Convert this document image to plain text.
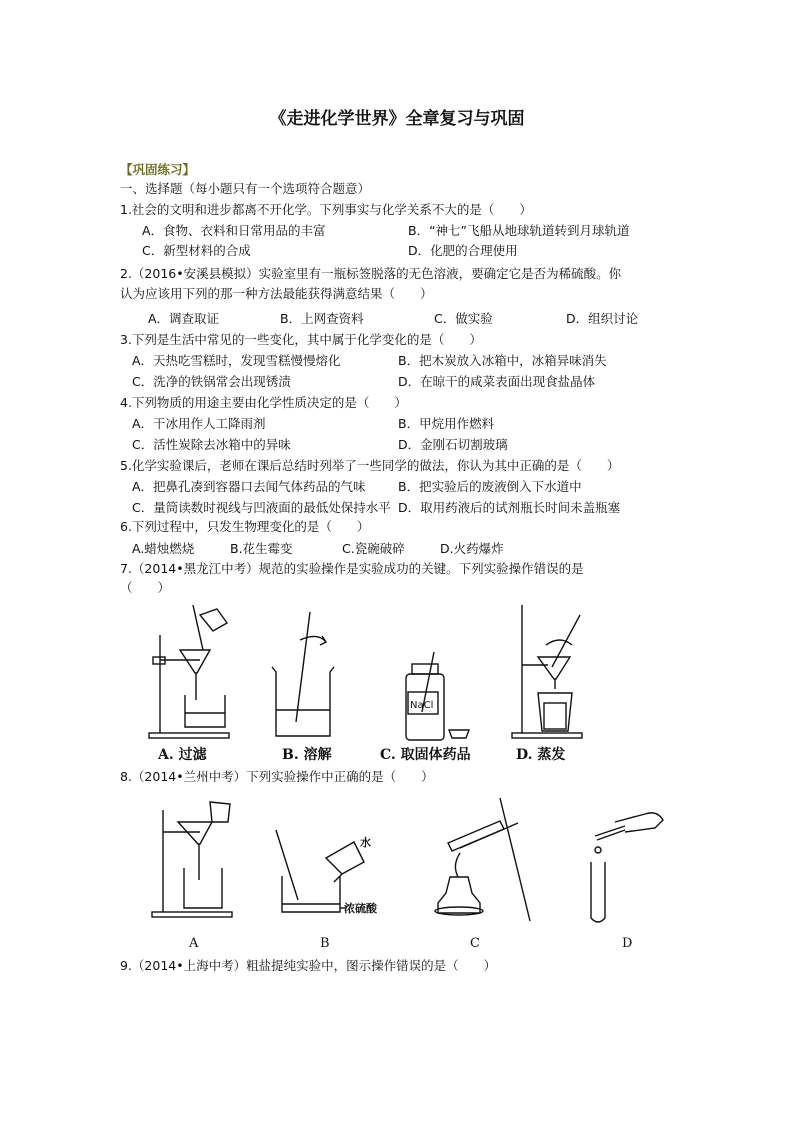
《走进化学世界》全章复习与巩固
【巩固练习】
一、选择题（每小题只有一个选项符合题意）
1.社会的文明和进步都离不开化学。下列事实与化学关系不大的是（　　）
A．食物、衣料和日常用品的丰富	B．“神七”飞船从地球轨道转到月球轨道
C．新型材料的合成	D．化肥的合理使用
2.（2016•安溪县模拟）实验室里有一瓶标签脱落的无色溶液，要确定它是否为稀硫酸。你
认为应该用下列的那一种方法最能获得满意结果（　　）
A．调查取证	B．上网查资料	C．做实验	D．组织讨论
3.下列是生活中常见的一些变化，其中属于化学变化的是（　　）
A．天热吃雪糕时，发现雪糕慢慢熔化	B．把木炭放入冰箱中，冰箱异味消失
C．洗净的铁锅常会出现锈渍	D．在晾干的咸菜表面出现食盐晶体
4.下列物质的用途主要由化学性质决定的是（　　）
A．干冰用作人工降雨剂	B．甲烷用作燃料
C．活性炭除去冰箱中的异味	D．金刚石切割玻璃
5.化学实验课后，老师在课后总结时列举了一些同学的做法，你认为其中正确的是（　　）
A．把鼻孔凑到容器口去闻气体药品的气味	B．把实验后的废液倒入下水道中
C．量筒读数时视线与凹液面的最低处保持水平 D．取用药液后的试剂瓶长时间未盖瓶塞
6.下列过程中，只发生物理变化的是（　　）
A.蜡烛燃烧	B.花生霉变	C.瓷碗破碎	D.火药爆炸
7.（2014•黑龙江中考）规范的实验操作是实验成功的关键。下列实验操作错误的是
（　　）
A. 过滤	B. 溶解
NaCl
C. 取固体药品	D. 蒸发
8.（2014•兰州中考）下列实验操作中正确的是（　　）
A
水
浓硫酸
B	C	D
9.（2014•上海中考）粗盐提纯实验中，图示操作错误的是（　　）
